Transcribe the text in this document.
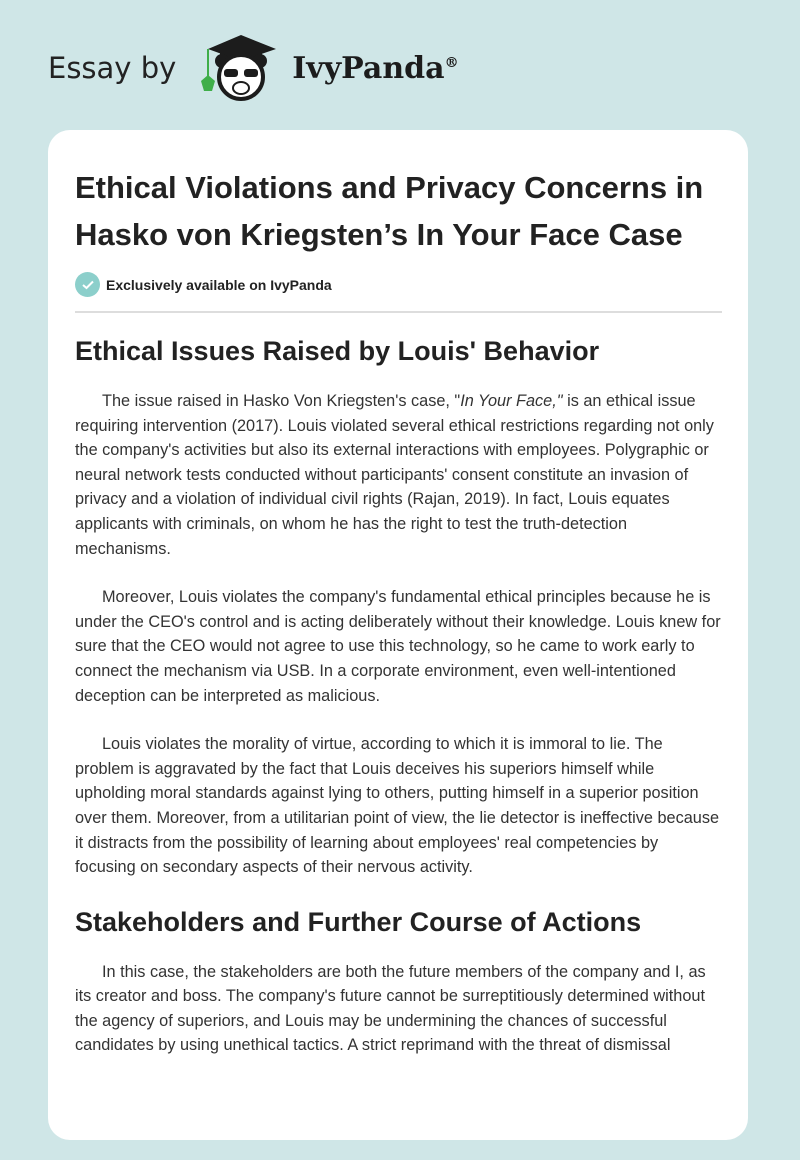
Essay by	IvyPanda®
Ethical Violations and Privacy Concerns in Hasko von Kriegsten’s In Your Face Case
Exclusively available on IvyPanda
Ethical Issues Raised by Louis' Behavior

The issue raised in Hasko Von Kriegsten's case, "In Your Face," is an ethical issue requiring intervention (2017). Louis violated several ethical restrictions regarding not only the company's activities but also its external interactions with employees. Polygraphic or neural network tests conducted without participants' consent constitute an invasion of privacy and a violation of individual civil rights (Rajan, 2019). In fact, Louis equates applicants with criminals, on whom he has the right to test the truth-detection mechanisms.

Moreover, Louis violates the company's fundamental ethical principles because he is under the CEO's control and is acting deliberately without their knowledge. Louis knew for sure that the CEO would not agree to use this technology, so he came to work early to connect the mechanism via USB. In a corporate environment, even well-intentioned deception can be interpreted as malicious.

Louis violates the morality of virtue, according to which it is immoral to lie. The problem is aggravated by the fact that Louis deceives his superiors himself while upholding moral standards against lying to others, putting himself in a superior position over them. Moreover, from a utilitarian point of view, the lie detector is ineffective because it distracts from the possibility of learning about employees' real competencies by focusing on secondary aspects of their nervous activity.

Stakeholders and Further Course of Actions

In this case, the stakeholders are both the future members of the company and I, as its creator and boss. The company's future cannot be surreptitiously determined without the agency of superiors, and Louis may be undermining the chances of successful candidates by using unethical tactics. A strict reprimand with the threat of dismissal
